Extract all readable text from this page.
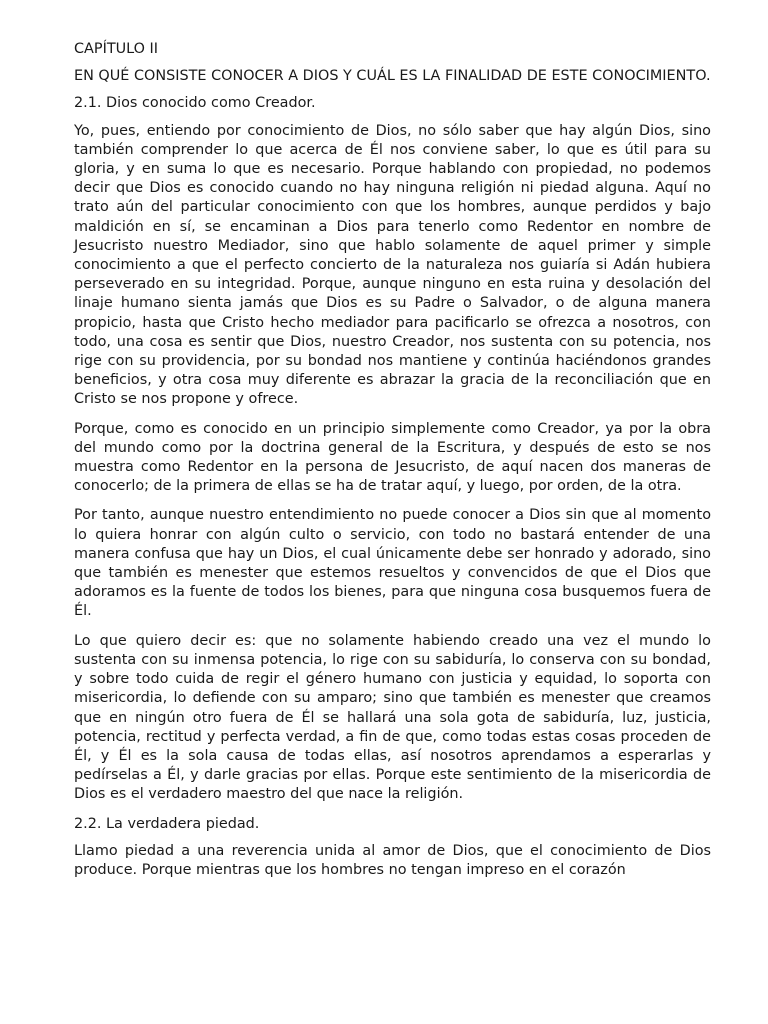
CAPÍTULO II

EN QUÉ CONSISTE CONOCER A DIOS Y CUÁL ES LA FINALIDAD DE ESTE CONOCIMIENTO.

2.1. Dios conocido como Creador.

Yo, pues, entiendo por conocimiento de Dios, no sólo saber que hay algún Dios, sino también comprender lo que acerca de Él nos conviene saber, lo que es útil para su gloria, y en suma lo que es necesario. Porque hablando con propiedad, no podemos decir que Dios es conocido cuando no hay ninguna religión ni piedad alguna. Aquí no trato aún del particular conocimiento con que los hombres, aunque perdidos y bajo maldición en sí, se encaminan a Dios para tenerlo como Redentor en nombre de Jesucristo nuestro Mediador, sino que hablo solamente de aquel primer y simple conocimiento a que el perfecto concierto de la naturaleza nos guiaría si Adán hubiera perseverado en su integridad. Porque, aunque ninguno en esta ruina y desolación del linaje humano sienta jamás que Dios es su Padre o Salvador, o de alguna manera propicio, hasta que Cristo hecho mediador para pacificarlo se ofrezca a nosotros, con todo, una cosa es sentir que Dios, nuestro Creador, nos sustenta con su potencia, nos rige con su providencia, por su bondad nos mantiene y continúa haciéndonos grandes beneficios, y otra cosa muy diferente es abrazar la gracia de la reconciliación que en Cristo se nos propone y ofrece.

Porque, como es conocido en un principio simplemente como Creador, ya por la obra del mundo como por la doctrina general de la Escritura, y después de esto se nos muestra como Redentor en la persona de Jesucristo, de aquí nacen dos maneras de conocerlo; de la primera de ellas se ha de tratar aquí, y luego, por orden, de la otra.

Por tanto, aunque nuestro entendimiento no puede conocer a Dios sin que al momento lo quiera honrar con algún culto o servicio, con todo no bastará entender de una manera confusa que hay un Dios, el cual únicamente debe ser honrado y adorado, sino que también es menester que estemos resueltos y convencidos de que el Dios que adoramos es la fuente de todos los bienes, para que ninguna cosa busquemos fuera de Él.

Lo que quiero decir es: que no solamente habiendo creado una vez el mundo lo sustenta con su inmensa potencia, lo rige con su sabiduría, lo conserva con su bondad, y sobre todo cuida de regir el género humano con justicia y equidad, lo soporta con misericordia, lo defiende con su amparo; sino que también es menester que creamos que en ningún otro fuera de Él se hallará una sola gota de sabiduría, luz, justicia, potencia, rectitud y perfecta verdad, a fin de que, como todas estas cosas proceden de Él, y Él es la sola causa de todas ellas, así nosotros aprendamos a esperarlas y pedírselas a Él, y darle gracias por ellas. Porque este sentimiento de la misericordia de Dios es el verdadero maestro del que nace la religión.

2.2. La verdadera piedad.

Llamo piedad a una reverencia unida al amor de Dios, que el conocimiento de Dios produce. Porque mientras que los hombres no tengan impreso en el corazón
